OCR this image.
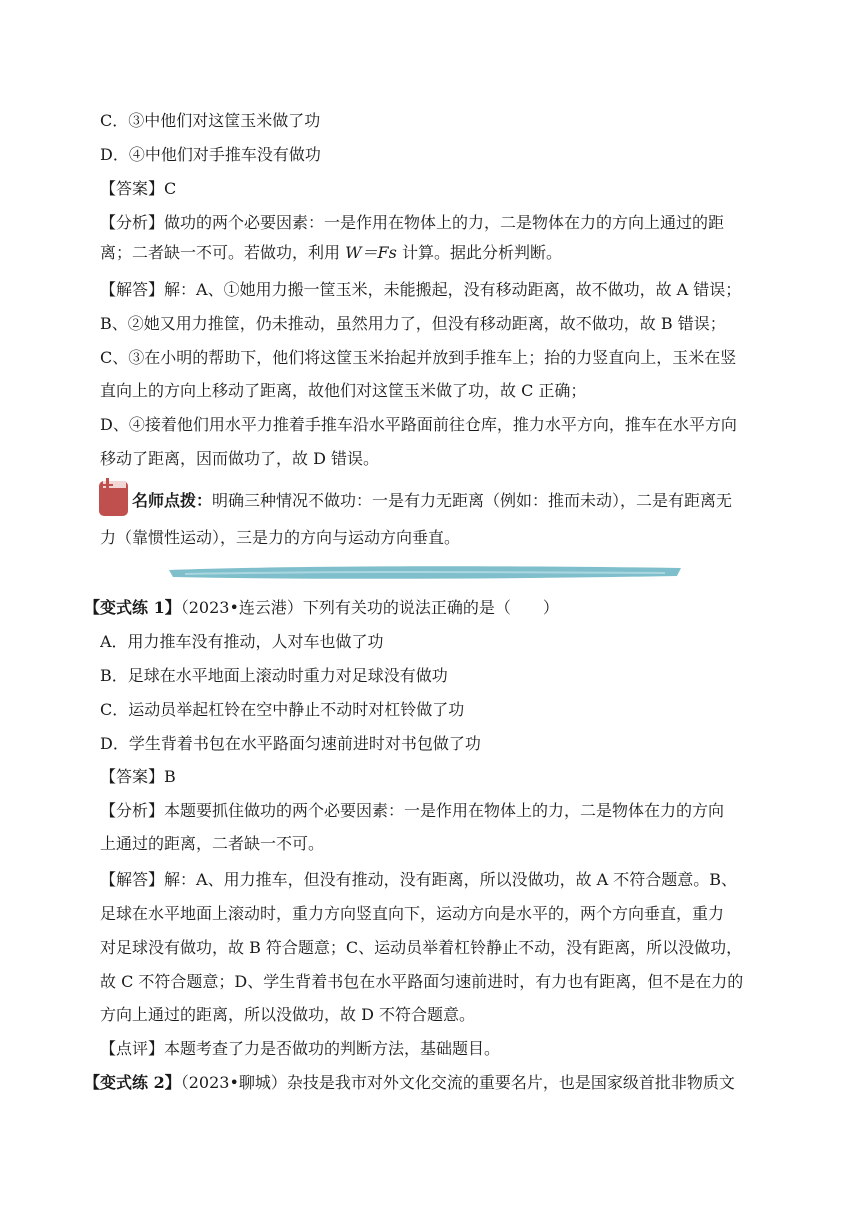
C．③中他们对这筐玉米做了功
D．④中他们对手推车没有做功
【答案】C
【分析】做功的两个必要因素：一是作用在物体上的力，二是物体在力的方向上通过的距
离；二者缺一不可。若做功，利用 W＝Fs 计算。据此分析判断。
【解答】解：A、①她用力搬一筐玉米，未能搬起，没有移动距离，故不做功，故 A 错误；
B、②她又用力推筐，仍未推动，虽然用力了，但没有移动距离，故不做功，故 B 错误；
C、③在小明的帮助下，他们将这筐玉米抬起并放到手推车上；抬的力竖直向上，玉米在竖
直向上的方向上移动了距离，故他们对这筐玉米做了功，故 C 正确；
D、④接着他们用水平力推着手推车沿水平路面前往仓库，推力水平方向，推车在水平方向
移动了距离，因而做功了，故 D 错误。
名师点拨：明确三种情况不做功：一是有力无距离（例如：推而未动），二是有距离无
力（靠惯性运动），三是力的方向与运动方向垂直。
【变式练 1】（2023•连云港）下列有关功的说法正确的是（　　）
A．用力推车没有推动，人对车也做了功
B．足球在水平地面上滚动时重力对足球没有做功
C．运动员举起杠铃在空中静止不动时对杠铃做了功
D．学生背着书包在水平路面匀速前进时对书包做了功
【答案】B
【分析】本题要抓住做功的两个必要因素：一是作用在物体上的力，二是物体在力的方向
上通过的距离，二者缺一不可。
【解答】解：A、用力推车，但没有推动，没有距离，所以没做功，故 A 不符合题意。B、
足球在水平地面上滚动时，重力方向竖直向下，运动方向是水平的，两个方向垂直，重力
对足球没有做功，故 B 符合题意；C、运动员举着杠铃静止不动，没有距离，所以没做功，
故 C 不符合题意；D、学生背着书包在水平路面匀速前进时，有力也有距离，但不是在力的
方向上通过的距离，所以没做功，故 D 不符合题意。
【点评】本题考查了力是否做功的判断方法，基础题目。
【变式练 2】（2023•聊城）杂技是我市对外文化交流的重要名片，也是国家级首批非物质文
